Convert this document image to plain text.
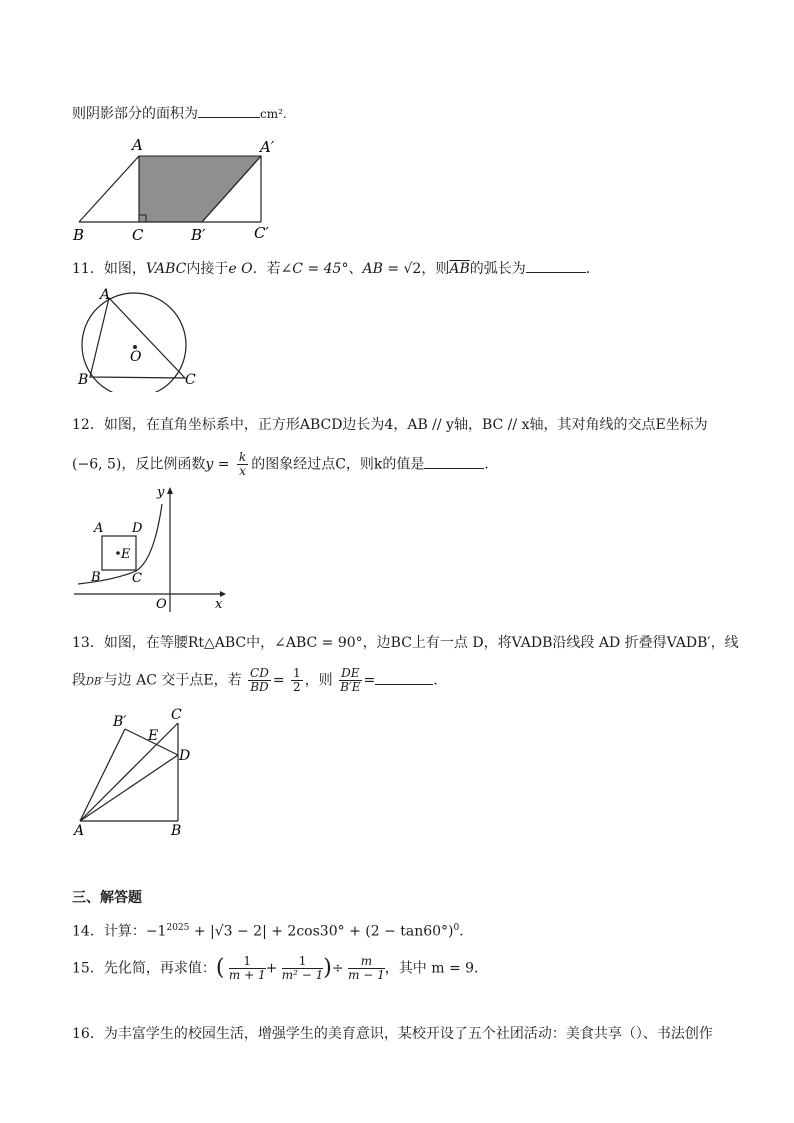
则阴影部分的面积为	cm².
A	A′
B	C	B′	C′
11．如图，VABC内接于e O．若∠C = 45°、AB = √2，则$\overline{AB}$的弧长为	．
A
B	C
O
12．如图，在直角坐标系中，正方形ABCD边长为4，AB // y轴，BC // x轴，其对角线的交点E坐标为
(−6, 5)，反比例函数$y = \frac{k}{x}$ 的图象经过点C，则k的值是	．
A D
E
B C
O	x
y
13．如图，在等腰Rt△ABC中，∠ABC = 90°，边BC上有一点 D，将VADB沿线段 AD 折叠得VADB′，线
段DB′与边 AC 交于点E，若 $\frac{CD}{BD} = \frac{1}{2}$ ，则 $\frac{DE}{B'E}$ =	．
B′	C
E
D
A	B
三、解答题
14．计算：$-1^{2025} + |√3 - 2| + 2\cos 30^\circ + (2 - \tan 60^\circ)^0$．
15．先化简，再求值：( $\frac{1}{m + 1} + \frac{1}{\text{m² − 1}}$ )÷ $\frac{m}{m - 1}$ ，其中 m = 9．
16．为丰富学生的校园生活，增强学生的美育意识，某校开设了五个社团活动：美食共享（）、书法创作
